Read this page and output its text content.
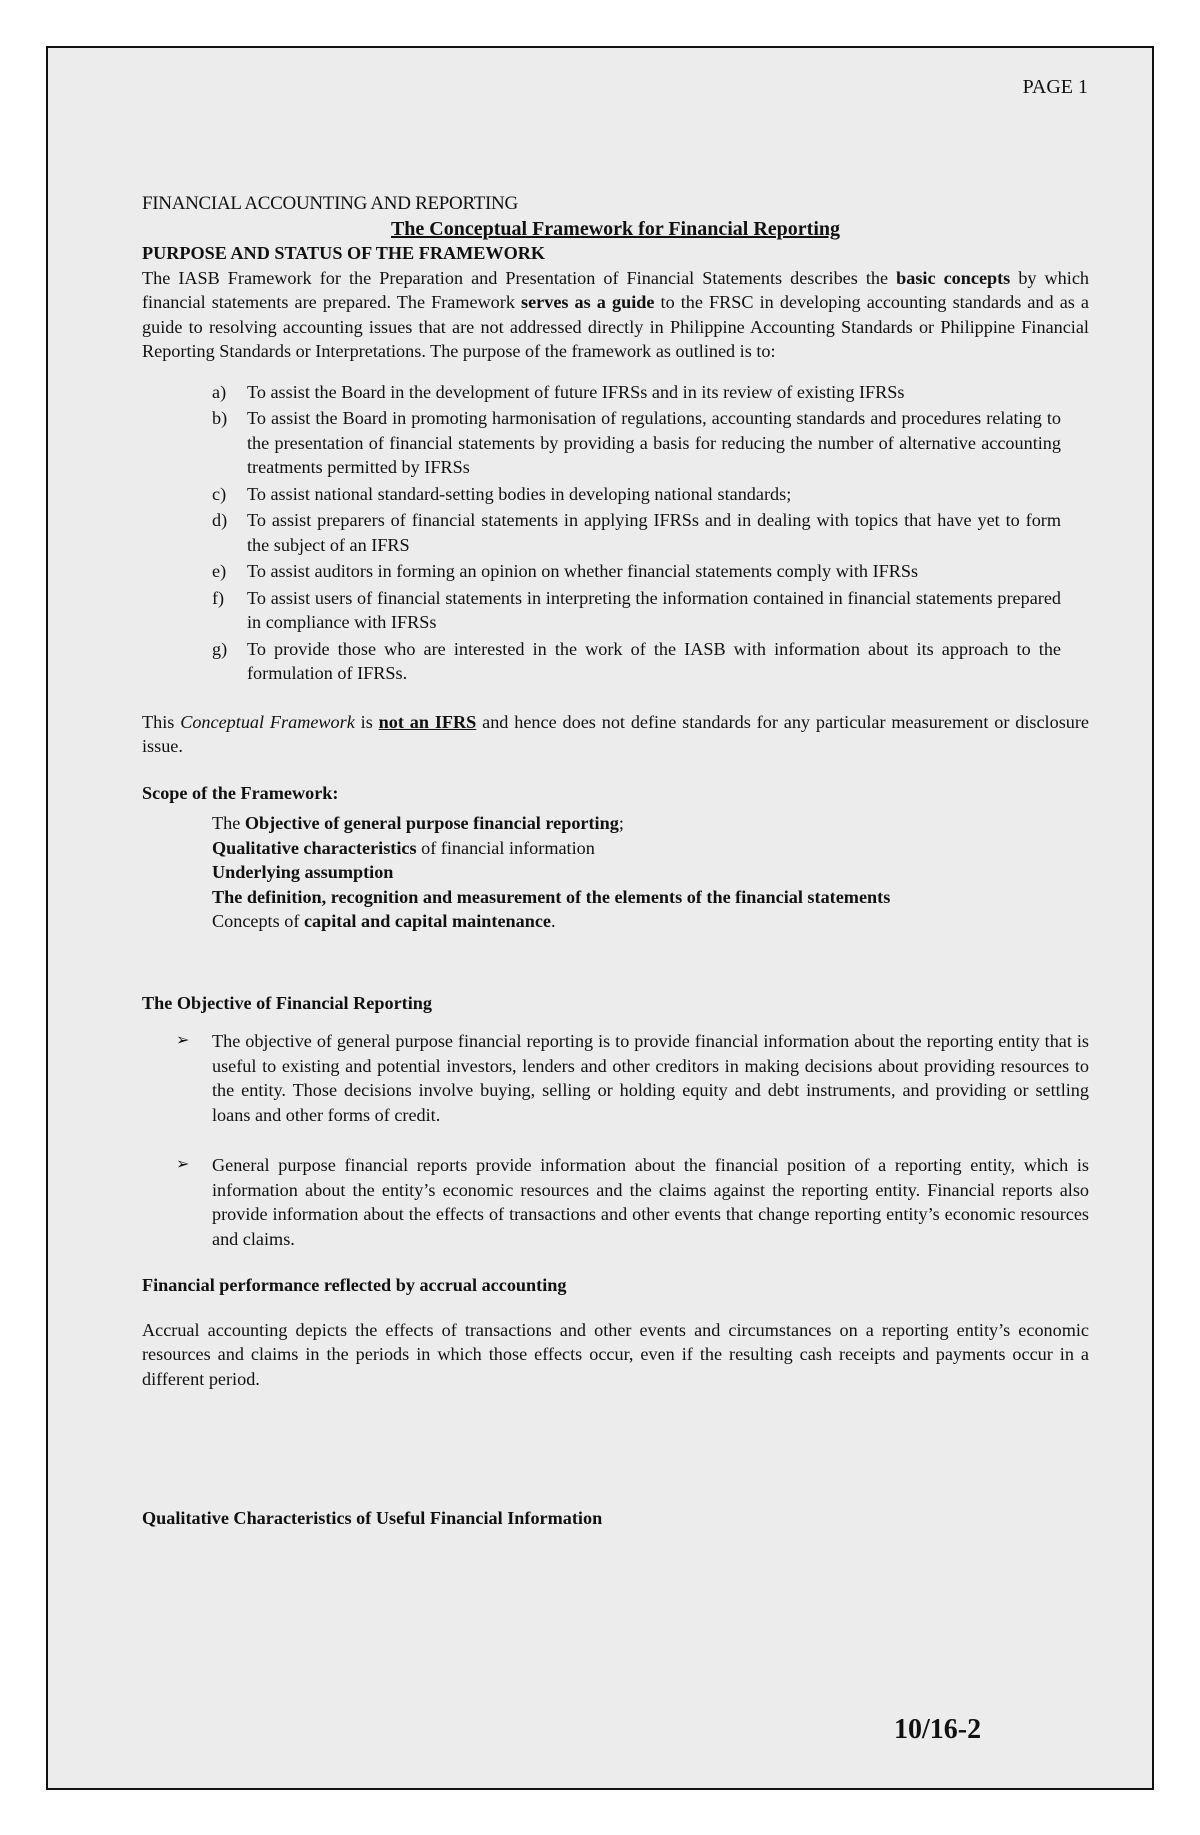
PAGE 1

FINANCIAL ACCOUNTING AND REPORTING

The Conceptual Framework for Financial Reporting

PURPOSE AND STATUS OF THE FRAMEWORK

The IASB Framework for the Preparation and Presentation of Financial Statements describes the basic concepts by which financial statements are prepared. The Framework serves as a guide to the FRSC in developing accounting standards and as a guide to resolving accounting issues that are not addressed directly in Philippine Accounting Standards or Philippine Financial Reporting Standards or Interpretations. The purpose of the framework as outlined is to:

a) To assist the Board in the development of future IFRSs and in its review of existing IFRSs
b) To assist the Board in promoting harmonisation of regulations, accounting standards and procedures relating to the presentation of financial statements by providing a basis for reducing the number of alternative accounting treatments permitted by IFRSs
c) To assist national standard-setting bodies in developing national standards;
d) To assist preparers of financial statements in applying IFRSs and in dealing with topics that have yet to form the subject of an IFRS
e) To assist auditors in forming an opinion on whether financial statements comply with IFRSs
f) To assist users of financial statements in interpreting the information contained in financial statements prepared in compliance with IFRSs
g) To provide those who are interested in the work of the IASB with information about its approach to the formulation of IFRSs.

This Conceptual Framework is not an IFRS and hence does not define standards for any particular measurement or disclosure issue.

Scope of the Framework:

The Objective of general purpose financial reporting;
Qualitative characteristics of financial information
Underlying assumption
The definition, recognition and measurement of the elements of the financial statements
Concepts of capital and capital maintenance.

The Objective of Financial Reporting

➢ The objective of general purpose financial reporting is to provide financial information about the reporting entity that is useful to existing and potential investors, lenders and other creditors in making decisions about providing resources to the entity. Those decisions involve buying, selling or holding equity and debt instruments, and providing or settling loans and other forms of credit.
➢ General purpose financial reports provide information about the financial position of a reporting entity, which is information about the entity’s economic resources and the claims against the reporting entity. Financial reports also provide information about the effects of transactions and other events that change reporting entity’s economic resources and claims.

Financial performance reflected by accrual accounting

Accrual accounting depicts the effects of transactions and other events and circumstances on a reporting entity’s economic resources and claims in the periods in which those effects occur, even if the resulting cash receipts and payments occur in a different period.

Qualitative Characteristics of Useful Financial Information

10/16-2
